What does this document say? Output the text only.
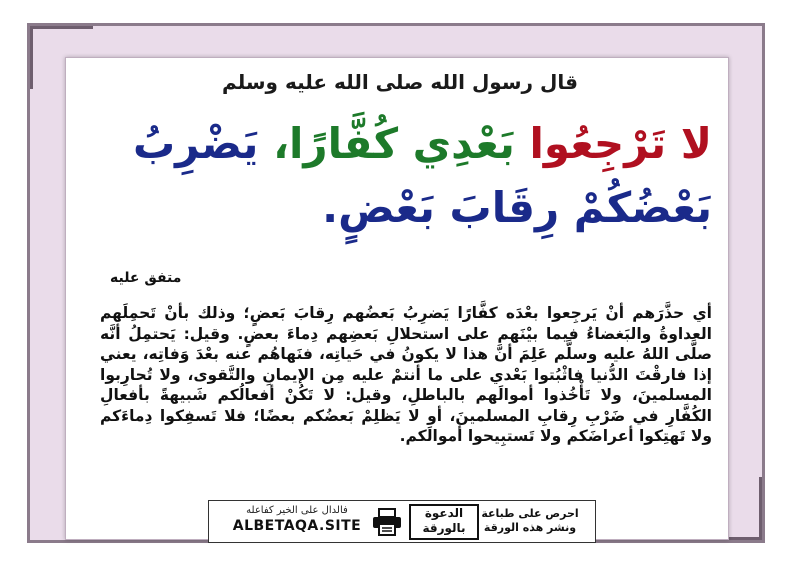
قال رسول الله صلى الله عليه وسلم
لا تَرْجِعُوا بَعْدِي كُفَّارًا، يَضْرِبُ بَعْضُكُمْ رِقَابَ بَعْضٍ.
متفق عليه
أي حذَّرَهم أنْ يَرجِعوا بعْدَه كفَّارًا يَضرِبُ بَعضُهم رِقابَ بَعضٍ؛ وذلك بأنْ تَحمِلَهم العداوةُ والبَغضاءُ فيما بيْنَهم على استحلالِ بَعضِهم دِماءَ بعضٍ. وقيل: يَحتمِلُ أنَّه صلَّى اللهُ عليه وسلَّم عَلِمَ أنَّ هذا لا يكونُ في حَياتِه، فنَهاهُم عنه بعْدَ وَفاتِه، يعني إذا فارقْتَ الدُّنيا فاثْبُتوا بَعْدي على ما أنتمْ عليه مِن الإيمانِ والتَّقوى، ولا تُحارِبوا المسلمينَ، ولا تَأْخُذوا أموالَهم بالباطلِ، وقيل: لا تَكُنْ أفعالُكم شَبيهةً بأفعالِ الكُفَّارِ في ضَرْبِ رِقابِ المسلمينَ، أو لا يَظلِمْ بَعضُكم بعضًا؛ فلا تَسفِكوا دِماءَكم ولا تَهتِكوا أعراضَكم ولا تَستبِيحوا أموالَكم.
فالدال على الخير كفاعله
ALBETAQA.SITE
الدعوة بالورقة
احرص على طباعة ونشر هذه الورقة
